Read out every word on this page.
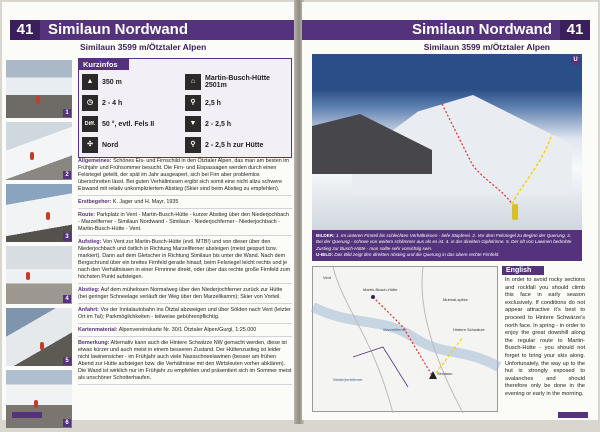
41 Similaun Nordwand
Similaun 3599 m/Ötztaler Alpen
1
2
3
4
5
6
Kurzinfos
▲	350 m	⌂	Martin-Busch-Hütte 2501m
◷	2 - 4 h	⚲	2,5 h
Diff. 50 °, evtl. Fels II	▼	2 - 2,5 h
✣	Nord	⚲	2 - 2,5 h zur Hütte

Allgemeines: Schönes Eis- und Firnschild in den Ötztaler Alpen, das man am besten im Frühjahr und Frühsommer besucht. Die Firn- und Eispassagen werden durch einen Felsriegel geteilt, der spät im Jahr ausgeapert, sich bei Firn aber problemlos überschreiten lässt. Bei guten Verhältnissen ergibt sich somit eine nicht allzu schwere Eiswand mit relativ unkompliziertem Abstieg (Skier sind beim Abstieg zu empfehlen).

Erstbegeher: K. Jager und H. Mayr, 1935

Route: Parkplatz in Vent - Martin-Busch-Hütte - kurzer Abstieg über den Niederjochbach - Marzellferner - Similaun Nordwand - Similaun - Niederjochferner - Niederjochbach - Martin-Busch-Hütte - Vent.

Aufstieg: Von Vent zur Martin-Busch-Hütte (evtl. MTB!) und von dieser über den Niederjochbach und östlich in Richtung Marzellferner absteigen (meist gespurt bzw. markiert). Dann auf dem Gletscher in Richtung Similaun bis unter die Wand. Nach dem Bergschrund über ein breites Firnfeld gerade hinauf, beim Felsriegel leicht rechts und je nach den Verhältnissen in einer Firnrinne direkt, oder über das rechte große Firnfeld zum höchsten Punkt aufsteigen.

Abstieg: Auf dem mühelosen Normalweg über den Niederjochferner zurück zur Hütte (bei geringer Schneelage verläuft der Weg über den Marzellkamm); Skier von Vorteil.

Anfahrt: Vor der Inntalautobahn ins Ötztal abzweigen und über Sölden nach Vent (letzter Ort im Tal); Parkmöglichkeiten - teilweise gebührenpflichtig.

Kartenmaterial: Alpenvereinskarte Nr. 30/1 Ötztaler Alpen/Gurgl, 1:25.000

Bemerkung: Alternativ kann auch die Hintere Schwärze NW gemacht werden, diese ist etwas kürzer und auch meist in einem besseren Zustand. Der Hüttenzustieg ist leider nicht lawinensicher - im Frühjahr auch viele Nassschneelawinen (besser am frühen Abend zur Hütte aufsteigen bzw. die Verhältnisse mit den Wirtsleuten vorher abklären). Die Wand ist wirklich nur im Frühjahr zu empfehlen und präsentiert sich im Sommer meist als unschöner Schotterhaufen.

Similaun Nordwand 41
Similaun 3599 m/Ötztaler Alpen
U
BILDER: 1. Im unteren Firnteil bis schlechten Verhältnissen - tiefe Stapferei. 2. Vor dem Felsriegel zu Beginn der Querung. 3. Bei der Querung - schnee von weitem schlimmer aus als es ist. 4. in der direkten Gipfelrinne. 5. Der oft von Lawinen bedrohte Zustieg zur Busch-Hütte - man sollte sehr vorsichtig sein.
U-BILD: Das Bild zeigt den direkten Abstieg und die Querung in das obere rechte Firnfeld.
Martin-Busch-Hütte
Similaun
Marzellferner	Hintere Schwärze
Niederjochferner
Mutmal-spitze
Vent
English
In order to avoid rocky sections and rockfall you should climb this face in early season exclusively. If conditions do not appear attractive it's best to proceed to Hintere Schwärze's north face. In spring - in order to enjoy the great downhill along the regular route to Martin-Busch-Hütte - you should not forget to bring your skis along. Unfortunately, the way up to the hut is strongly exposed to avalanches and should therefore only be done in the evening or early in the morning.
